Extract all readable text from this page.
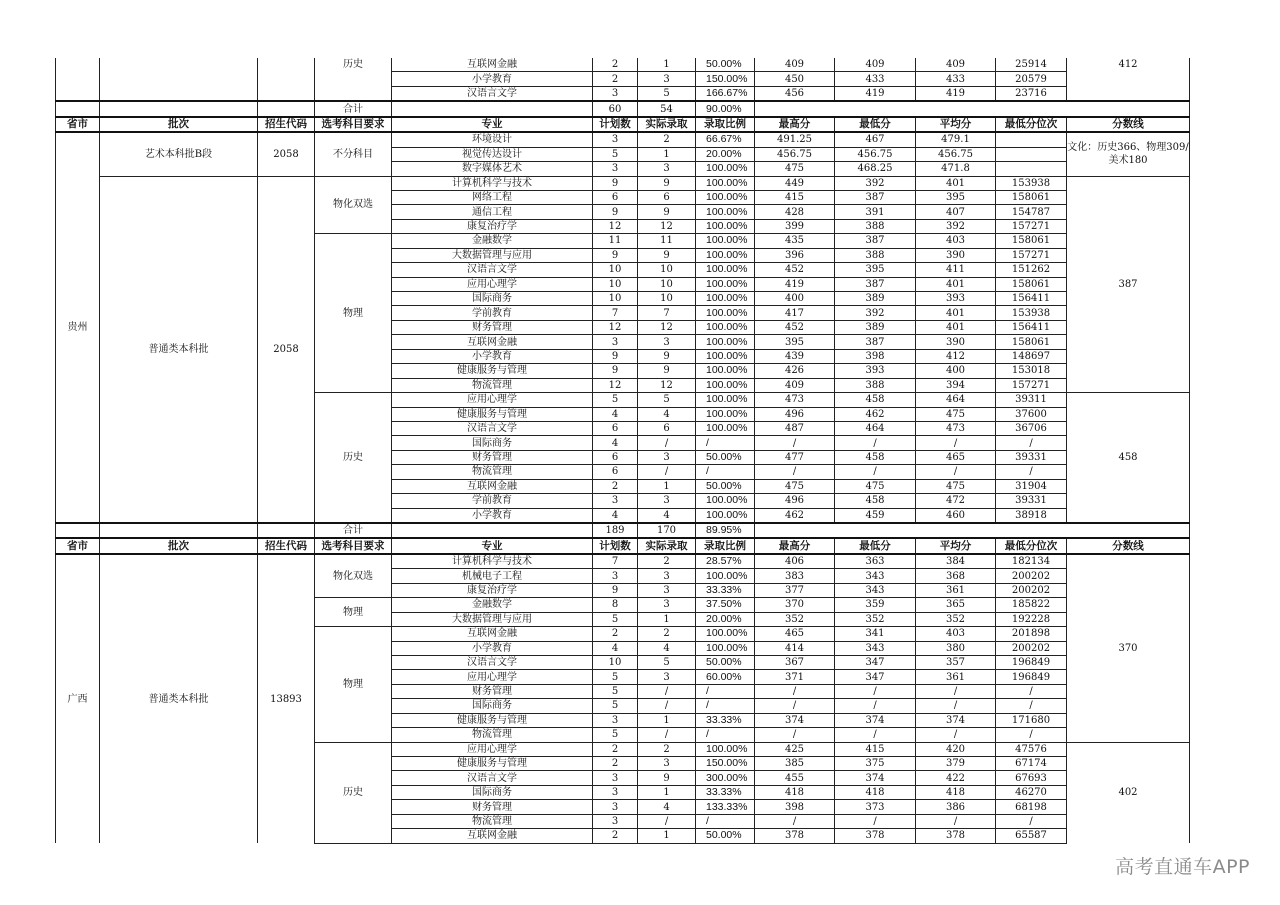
			历史	互联网金融	2	1	50.00%	409	409	409	25914	412
				小学教育	2	3	150.00%	450	433	433	20579	
				汉语言文学	3	5	166.67%	456	419	419	23716	
			合计		60	54	90.00%					
省市	批次	招生代码	选考科目要求	专业	计划数	实际录取	录取比例	最高分	最低分	平均分	最低分位次	分数线
贵州	艺术本科批B段	2058	不分科目	环境设计	3	2	66.67%	491.25	467	479.1		文化：历史366、物理309/美术180
				视觉传达设计	5	1	20.00%	456.75	456.75	456.75		
				数字媒体艺术	3	3	100.00%	475	468.25	471.8		
	普通类本科批	2058	物化双选	计算机科学与技术	9	9	100.00%	449	392	401	153938	387
				网络工程	6	6	100.00%	415	387	395	158061	
				通信工程	9	9	100.00%	428	391	407	154787	
				康复治疗学	12	12	100.00%	399	388	392	157271	
			物理	金融数学	11	11	100.00%	435	387	403	158061	
				大数据管理与应用	9	9	100.00%	396	388	390	157271	
				汉语言文学	10	10	100.00%	452	395	411	151262	
				应用心理学	10	10	100.00%	419	387	401	158061	
				国际商务	10	10	100.00%	400	389	393	156411	
				学前教育	7	7	100.00%	417	392	401	153938	
				财务管理	12	12	100.00%	452	389	401	156411	
				互联网金融	3	3	100.00%	395	387	390	158061	
				小学教育	9	9	100.00%	439	398	412	148697	
				健康服务与管理	9	9	100.00%	426	393	400	153018	
				物流管理	12	12	100.00%	409	388	394	157271	
			历史	应用心理学	5	5	100.00%	473	458	464	39311	458
				健康服务与管理	4	4	100.00%	496	462	475	37600	
				汉语言文学	6	6	100.00%	487	464	473	36706	
				国际商务	4	/	/	/	/	/	/	
				财务管理	6	3	50.00%	477	458	465	39331	
				物流管理	6	/	/	/	/	/	/	
				互联网金融	2	1	50.00%	475	475	475	31904	
				学前教育	3	3	100.00%	496	458	472	39331	
				小学教育	4	4	100.00%	462	459	460	38918	
			合计		189	170	89.95%					
省市	批次	招生代码	选考科目要求	专业	计划数	实际录取	录取比例	最高分	最低分	平均分	最低分位次	分数线
广西	普通类本科批	13893	物化双选	计算机科学与技术	7	2	28.57%	406	363	384	182134	370
				机械电子工程	3	3	100.00%	383	343	368	200202	
				康复治疗学	9	3	33.33%	377	343	361	200202	
			物理	金融数学	8	3	37.50%	370	359	365	185822	
				大数据管理与应用	5	1	20.00%	352	352	352	192228	
			物理	互联网金融	2	2	100.00%	465	341	403	201898	
				小学教育	4	4	100.00%	414	343	380	200202	
				汉语言文学	10	5	50.00%	367	347	357	196849	
				应用心理学	5	3	60.00%	371	347	361	196849	
				财务管理	5	/	/	/	/	/	/	
				国际商务	5	/	/	/	/	/	/	
				健康服务与管理	3	1	33.33%	374	374	374	171680	
				物流管理	5	/	/	/	/	/	/	
			历史	应用心理学	2	2	100.00%	425	415	420	47576	402
				健康服务与管理	2	3	150.00%	385	375	379	67174	
				汉语言文学	3	9	300.00%	455	374	422	67693	
				国际商务	3	1	33.33%	418	418	418	46270	
				财务管理	3	4	133.33%	398	373	386	68198	
				物流管理	3	/	/	/	/	/	/	
				互联网金融	2	1	50.00%	378	378	378	65587	
高考直通车APP
